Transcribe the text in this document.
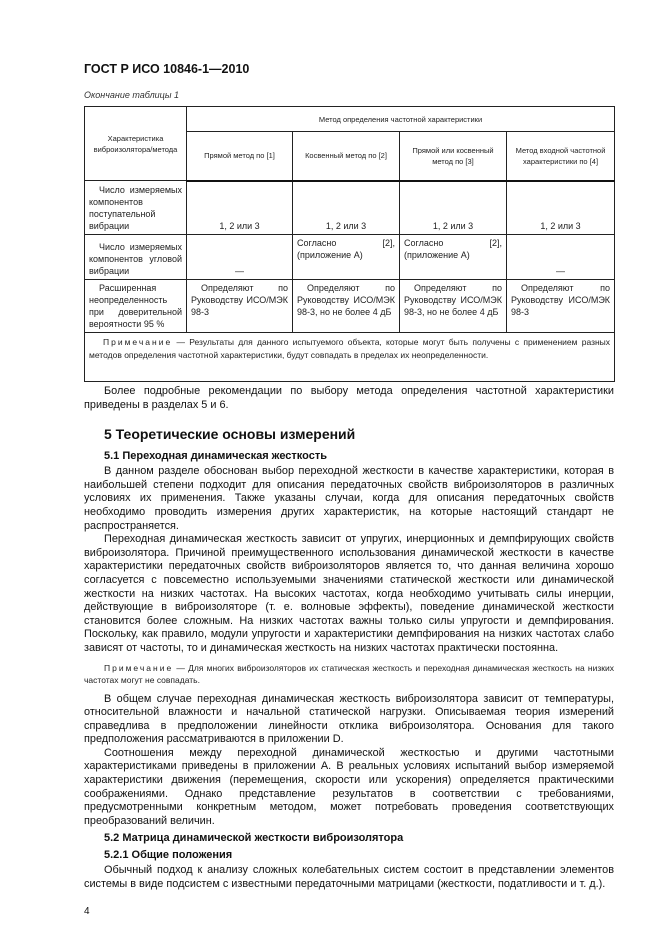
ГОСТ Р ИСО 10846-1—2010
Окончание таблицы 1
Характеристика виброизолятора/метода	Метод определения частотной характеристики			
	Прямой метод по [1]	Косвенный метод по [2]	Прямой или косвенный метод по [3]	Метод входной частотной характеристики по [4]
Число измеряемых компонентов поступательной вибрации	1, 2 или 3	1, 2 или 3	1, 2 или 3	1, 2 или 3
Число измеряемых компонентов угловой вибрации	—	Согласно [2], (приложение А)	Согласно [2], (приложение А)	—
Расширенная неопределенность при доверительной вероятности 95 %	Определяют по Руководству ИСО/МЭК 98-3	Определяют по Руководству ИСО/МЭК 98-3, но не более 4 дБ	Определяют по Руководству ИСО/МЭК 98-3, но не более 4 дБ	Определяют по Руководству ИСО/МЭК 98-3
Примечание — Результаты для данного испытуемого объекта, которые могут быть получены с применением разных методов определения частотной характеристики, будут совпадать в пределах их неопределенности.				

Более подробные рекомендации по выбору метода определения частотной характеристики приведены в разделах 5 и 6.

5 Теоретические основы измерений
5.1 Переходная динамическая жесткость

В данном разделе обоснован выбор переходной жесткости в качестве характеристики, которая в наибольшей степени подходит для описания передаточных свойств виброизоляторов в различных условиях их применения. Также указаны случаи, когда для описания передаточных свойств необходимо проводить измерения других характеристик, на которые настоящий стандарт не распространяется.

Переходная динамическая жесткость зависит от упругих, инерционных и демпфирующих свойств виброизолятора. Причиной преимущественного использования динамической жесткости в качестве характеристики передаточных свойств виброизоляторов является то, что данная величина хорошо согласуется с повсеместно используемыми значениями статической жесткости или динамической жесткости на низких частотах. На высоких частотах, когда необходимо учитывать силы инерции, действующие в виброизоляторе (т. е. волновые эффекты), поведение динамической жесткости становится более сложным. На низких частотах важны только силы упругости и демпфирования. Поскольку, как правило, модули упругости и характеристики демпфирования на низких частотах слабо зависят от частоты, то и динамическая жесткость на низких частотах практически постоянна.

Примечание — Для многих виброизоляторов их статическая жесткость и переходная динамическая жесткость на низких частотах могут не совпадать.

В общем случае переходная динамическая жесткость виброизолятора зависит от температуры, относительной влажности и начальной статической нагрузки. Описываемая теория измерений справедлива в предположении линейности отклика виброизолятора. Основания для такого предположения рассматриваются в приложении D.

Соотношения между переходной динамической жесткостью и другими частотными характеристиками приведены в приложении А. В реальных условиях испытаний выбор измеряемой характеристики движения (перемещения, скорости или ускорения) определяется практическими соображениями. Однако представление результатов в соответствии с требованиями, предусмотренными конкретным методом, может потребовать проведения соответствующих преобразований величин.

5.2 Матрица динамической жесткости виброизолятора
5.2.1 Общие положения

Обычный подход к анализу сложных колебательных систем состоит в представлении элементов системы в виде подсистем с известными передаточными матрицами (жесткости, податливости и т. д.).

4
